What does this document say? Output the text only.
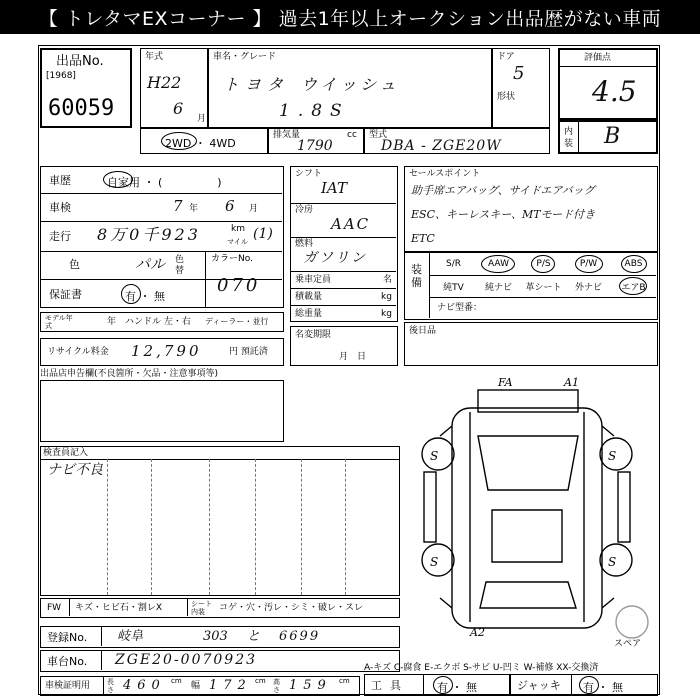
【 トレタマEXコーナー 】 過去1年以上オークション出品歴がない車両
出品No.
[1968]
60059
年式
H22
6
月
車名・グレード
トヨタ ウイッシュ
1.8S
ドア
5
形状
評価点
4.5
内装 B
2WD ・ 4WD
排気量	cc
1790
型式
DBA - ZGE20W
車歴	自家用 ・ (　　　　　)
車検	7 年 6 月
走行 8万0千923	km
マイル (1)
色	パル 色替
カラーNo.
保証書	有 ・ 無
070
モデル年式	年 ハンドル 左・右 ディーラー・並行
リサイクル料金 12,790	円 預託済
シフト
IAT
冷房
AAC
燃料
ガソリン
乗車定員	名
積載量	kg
総重量	kg
名変期限
月　日
セールスポイント
助手席エアバッグ、サイドエアバッグ
ESC、キーレスキー、MTモード付き
ETC
装備
S/R	AAW	P/S	P/W	ABS
純TV	純ナビ	革シート	外ナビ	エアB
ナビ型番：
後日品
出品店申告欄(不良箇所・欠品・注意事項等)
検査員記入
ナビ不良
FA	A1
S	S
S	S
A2
スペア
FW キズ・ヒビ石・割レX	シート内装	コゲ・穴・汚レ・シミ・破レ・スレ
登録No. 岐阜	303 と 6699
車台No. ZGE20-0070923
車検証明用 長さ 460 cm 幅 172 cm 高さ 159 cm
A-キズ C-腐食 E-エクボ S-サビ U-凹ミ W-補修 XX-交換済
工具	有 ・ 無	ジャッキ 有 ・ 無
